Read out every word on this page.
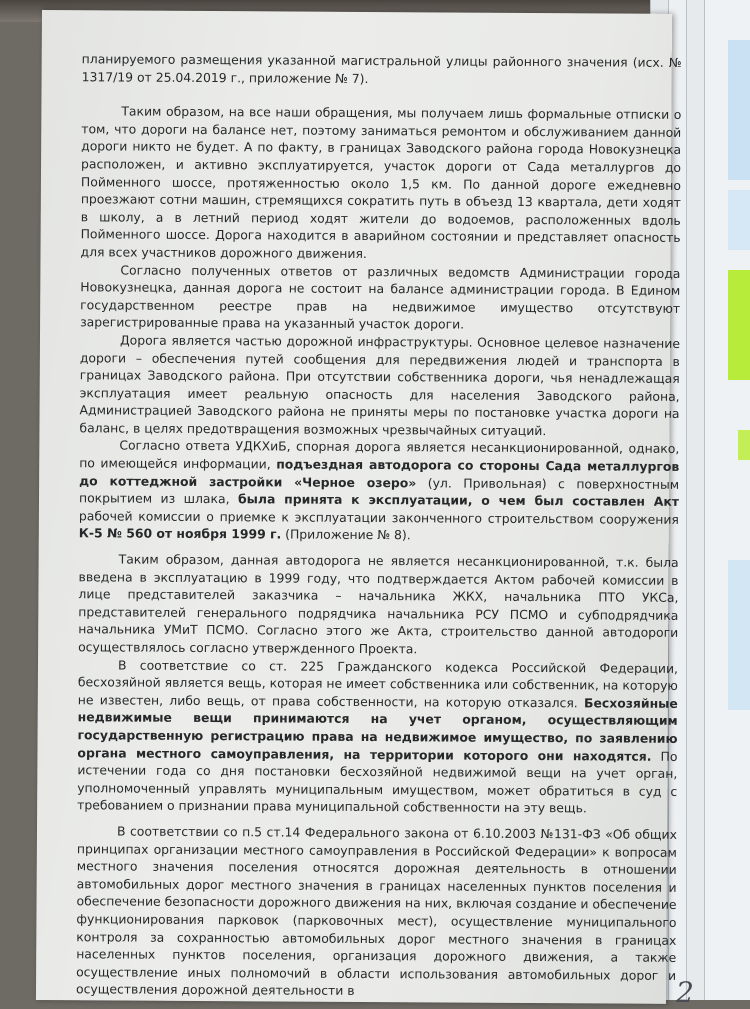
планируемого размещения указанной магистральной улицы районного значения (исх. № 1317/19 от 25.04.2019 г., приложение № 7).

Таким образом, на все наши обращения, мы получаем лишь формальные отписки о том, что дороги на балансе нет, поэтому заниматься ремонтом и обслуживанием данной дороги никто не будет. А по факту, в границах Заводского района города Новокузнецка расположен, и активно эксплуатируется, участок дороги от Сада металлургов до Пойменного шоссе, протяженностью около 1,5 км. По данной дороге ежедневно проезжают сотни машин, стремящихся сократить путь в объезд 13 квартала, дети ходят в школу, а в летний период ходят жители до водоемов, расположенных вдоль Пойменного шоссе. Дорога находится в аварийном состоянии и представляет опасность для всех участников дорожного движения.

Согласно полученных ответов от различных ведомств Администрации города Новокузнецка, данная дорога не состоит на балансе администрации города. В Едином государственном реестре прав на недвижимое имущество отсутствуют зарегистрированные права на указанный участок дороги.

Дорога является частью дорожной инфраструктуры. Основное целевое назначение дороги – обеспечения путей сообщения для передвижения людей и транспорта в границах Заводского района. При отсутствии собственника дороги, чья ненадлежащая эксплуатация имеет реальную опасность для населения Заводского района, Администрацией Заводского района не приняты меры по постановке участка дороги на баланс, в целях предотвращения возможных чрезвычайных ситуаций.

Согласно ответа УДКХиБ, спорная дорога является несанкционированной, однако, по имеющейся информации, подъездная автодорога со стороны Сада металлургов до коттеджной застройки «Черное озеро» (ул. Привольная) с поверхностным покрытием из шлака, была принята к эксплуатации, о чем был составлен Акт рабочей комиссии о приемке к эксплуатации законченного строительством сооружения К-5 № 560 от ноября 1999 г. (Приложение № 8).

Таким образом, данная автодорога не является несанкционированной, т.к. была введена в эксплуатацию в 1999 году, что подтверждается Актом рабочей комиссии в лице представителей заказчика – начальника ЖКХ, начальника ПТО УКСа, представителей генерального подрядчика начальника РСУ ПСМО и субподрядчика начальника УМиТ ПСМО. Согласно этого же Акта, строительство данной автодороги осуществлялось согласно утвержденного Проекта.

В соответствие со ст. 225 Гражданского кодекса Российской Федерации, бесхозяйной является вещь, которая не имеет собственника или собственник, на которую не известен, либо вещь, от права собственности, на которую отказался. Бесхозяйные недвижимые вещи принимаются на учет органом, осуществляющим государственную регистрацию права на недвижимое имущество, по заявлению органа местного самоуправления, на территории которого они находятся. По истечении года со дня постановки бесхозяйной недвижимой вещи на учет орган, уполномоченный управлять муниципальным имуществом, может обратиться в суд с требованием о признании права муниципальной собственности на эту вещь.

В соответствии со п.5 ст.14 Федерального закона от 6.10.2003 №131-ФЗ «Об общих принципах организации местного самоуправления в Российской Федерации» к вопросам местного значения поселения относятся дорожная деятельность в отношении автомобильных дорог местного значения в границах населенных пунктов поселения и обеспечение безопасности дорожного движения на них, включая создание и обеспечение функционирования парковок (парковочных мест), осуществление муниципального контроля за сохранностью автомобильных дорог местного значения в границах населенных пунктов поселения, организация дорожного движения, а также осуществление иных полномочий в области использования автомобильных дорог и осуществления дорожной деятельности в	2
